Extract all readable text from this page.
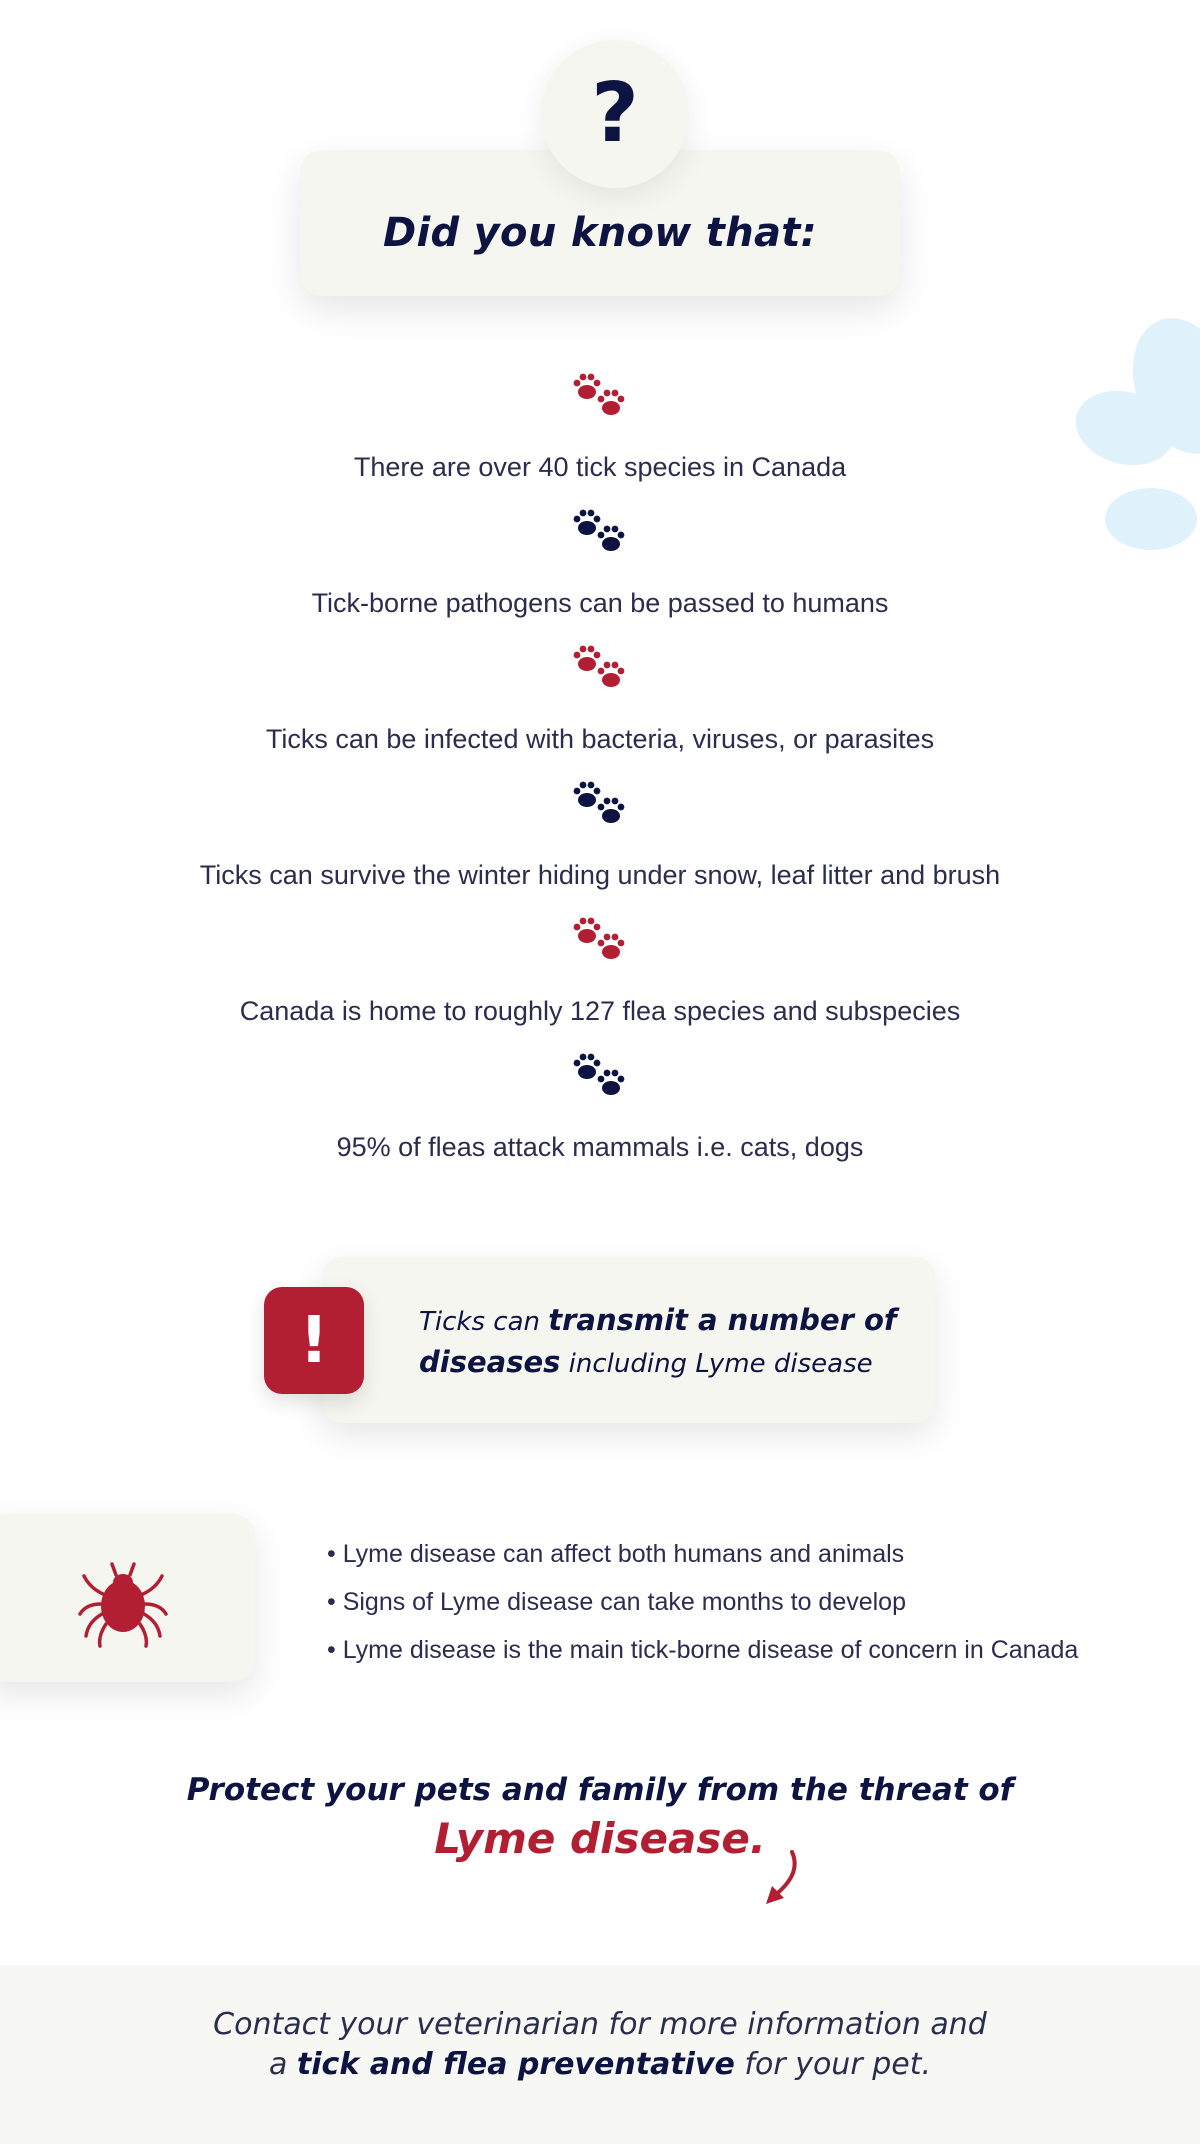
?
Did you know that:
There are over 40 tick species in Canada
Tick-borne pathogens can be passed to humans
Ticks can be infected with bacteria, viruses, or parasites
Ticks can survive the winter hiding under snow, leaf litter and brush
Canada is home to roughly 127 flea species and subspecies
95% of fleas attack mammals i.e. cats, dogs
!	Ticks can transmit a number of diseases including Lyme disease
• Lyme disease can affect both humans and animals
• Signs of Lyme disease can take months to develop
• Lyme disease is the main tick-borne disease of concern in Canada
Protect your pets and family from the threat of
Lyme disease.
Contact your veterinarian for more information and
a tick and flea preventative for your pet.
